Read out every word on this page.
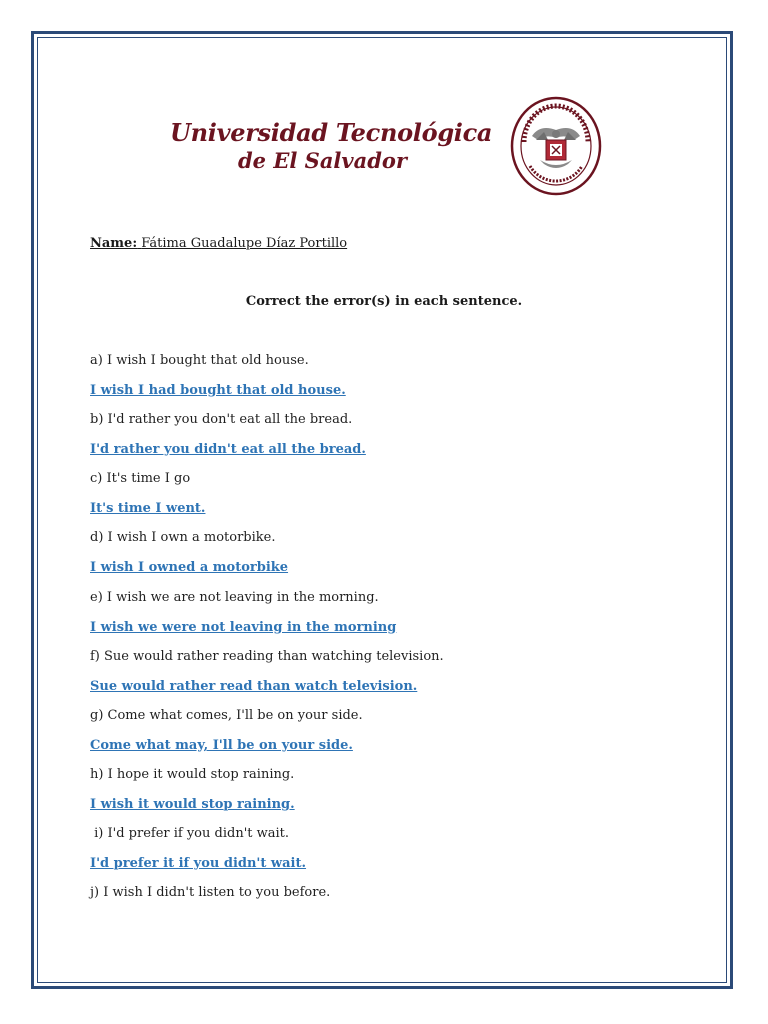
Universidad Tecnológica
de El Salvador
Name: Fátima Guadalupe Díaz Portillo
Correct the error(s) in each sentence.
a) I wish I bought that old house.
I wish I had bought that old house.
b) I'd rather you don't eat all the bread.
I'd rather you didn't eat all the bread.
c) It's time I go
It's time I went.
d) I wish I own a motorbike.
I wish I owned a motorbike
e) I wish we are not leaving in the morning.
I wish we were not leaving in the morning
f) Sue would rather reading than watching television.
Sue would rather read than watch television.
g) Come what comes, I'll be on your side.
Come what may, I'll be on your side.
h) I hope it would stop raining.
I wish it would stop raining.
i) I'd prefer if you didn't wait.
I'd prefer it if you didn't wait.
j) I wish I didn't listen to you before.
